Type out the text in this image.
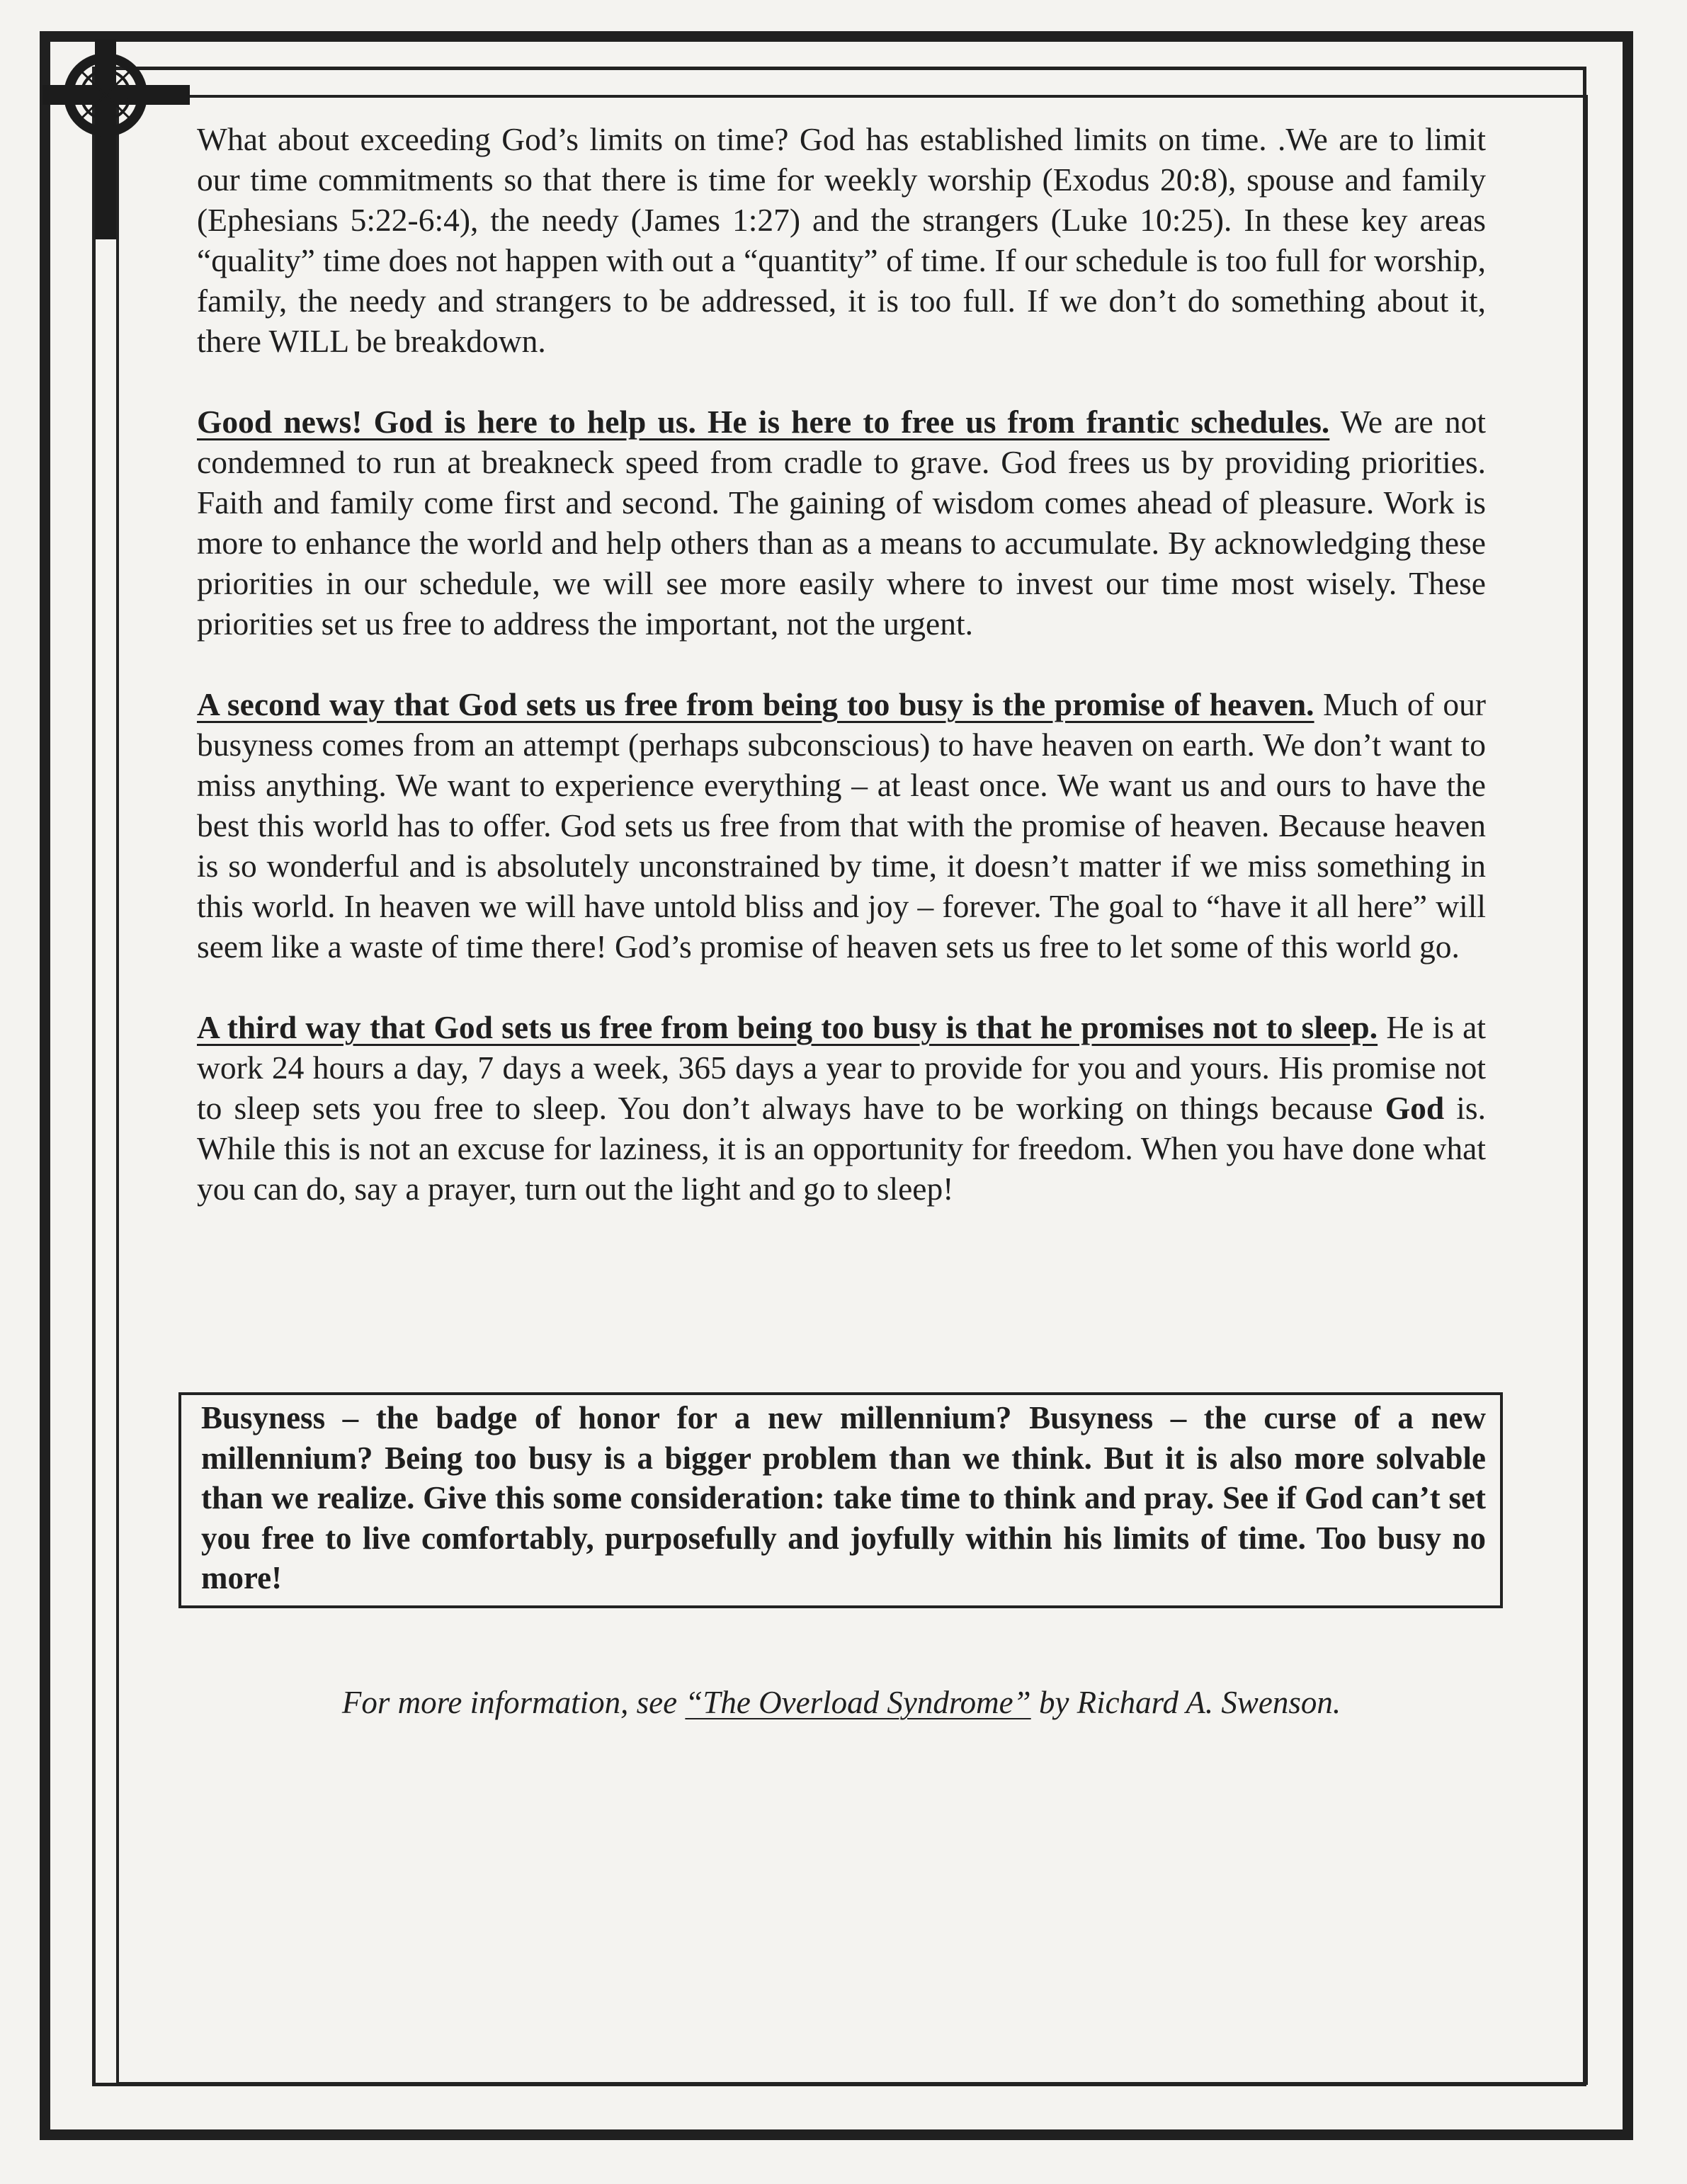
What about exceeding God’s limits on time? God has established limits on time. .We are to limit our time commitments so that there is time for weekly worship (Exodus 20:8), spouse and family (Ephesians 5:22-6:4), the needy (James 1:27) and the strangers (Luke 10:25). In these key areas “quality” time does not happen with out a “quantity” of time. If our schedule is too full for worship, family, the needy and strangers to be addressed, it is too full. If we don’t do something about it, there WILL be breakdown.

Good news! God is here to help us. He is here to free us from frantic schedules. We are not condemned to run at breakneck speed from cradle to grave. God frees us by providing priorities. Faith and family come first and second. The gaining of wisdom comes ahead of pleasure. Work is more to enhance the world and help others than as a means to accumulate. By acknowledging these priorities in our schedule, we will see more easily where to invest our time most wisely. These priorities set us free to address the important, not the urgent.

A second way that God sets us free from being too busy is the promise of heaven. Much of our busyness comes from an attempt (perhaps subconscious) to have heaven on earth. We don’t want to miss anything. We want to experience everything – at least once. We want us and ours to have the best this world has to offer. God sets us free from that with the promise of heaven. Because heaven is so wonderful and is absolutely unconstrained by time, it doesn’t matter if we miss something in this world. In heaven we will have untold bliss and joy – forever. The goal to “have it all here” will seem like a waste of time there! God’s promise of heaven sets us free to let some of this world go.

A third way that God sets us free from being too busy is that he promises not to sleep. He is at work 24 hours a day, 7 days a week, 365 days a year to provide for you and yours. His promise not to sleep sets you free to sleep. You don’t always have to be working on things because God is. While this is not an excuse for laziness, it is an opportunity for freedom. When you have done what you can do, say a prayer, turn out the light and go to sleep!

Busyness – the badge of honor for a new millennium? Busyness – the curse of a new millennium? Being too busy is a bigger problem than we think. But it is also more solvable than we realize. Give this some consideration: take time to think and pray. See if God can’t set you free to live comfortably, purposefully and joyfully within his limits of time. Too busy no more!
For more information, see “The Overload Syndrome” by Richard A. Swenson.
